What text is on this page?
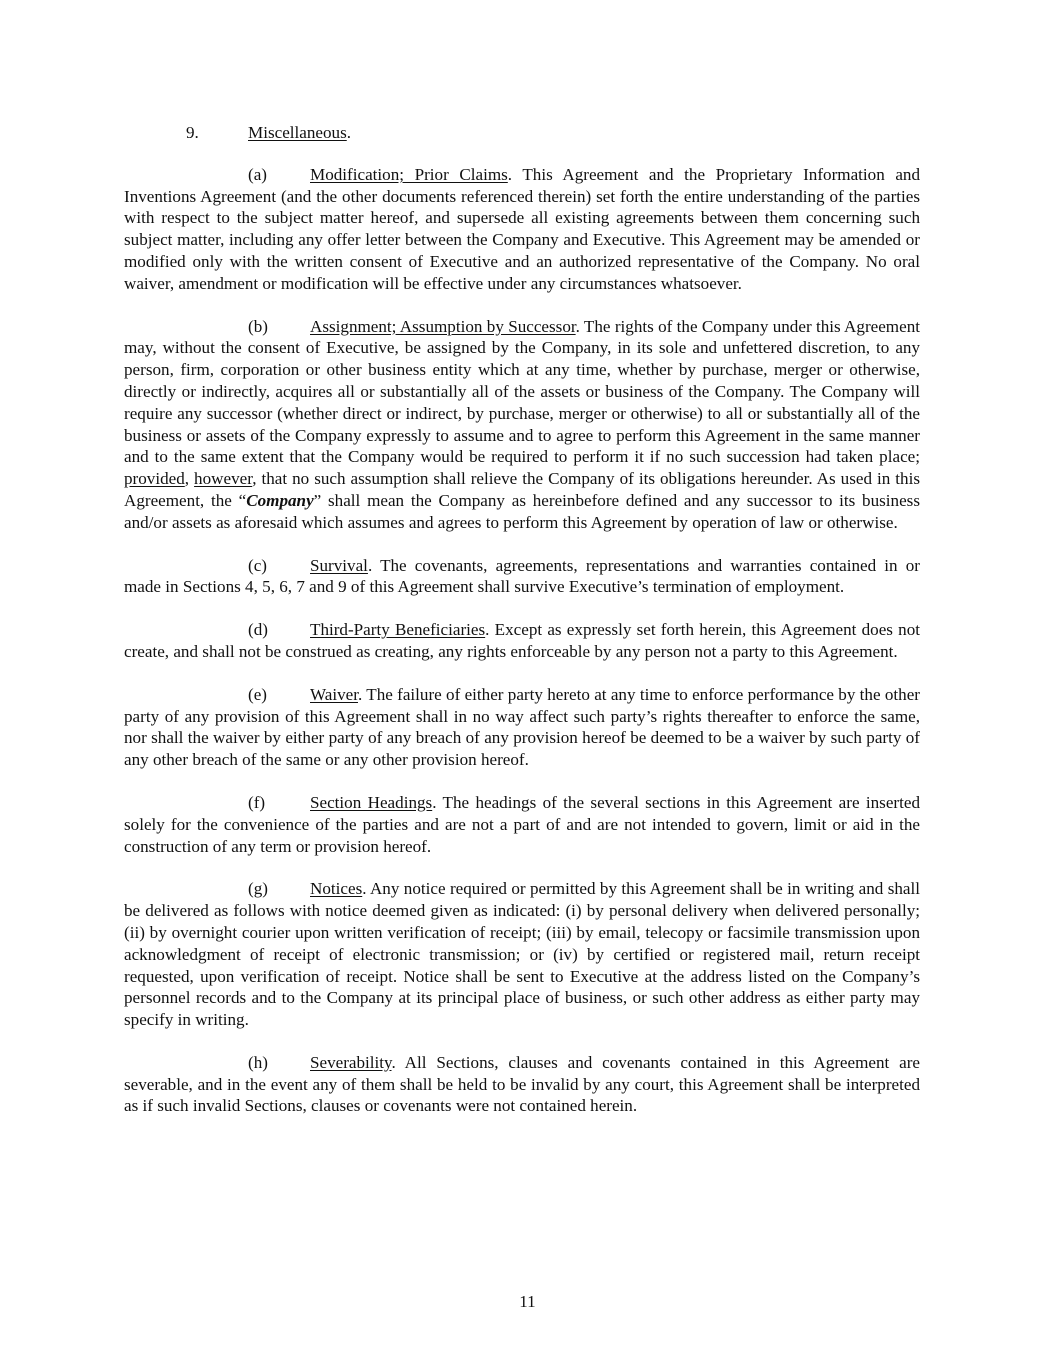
9.	Miscellaneous.

(a)	Modification; Prior Claims. This Agreement and the Proprietary Information and Inventions Agreement (and the other documents referenced therein) set forth the entire understanding of the parties with respect to the subject matter hereof, and supersede all existing agreements between them concerning such subject matter, including any offer letter between the Company and Executive. This Agreement may be amended or modified only with the written consent of Executive and an authorized representative of the Company. No oral waiver, amendment or modification will be effective under any circumstances whatsoever.

(b) Assignment; Assumption by Successor. The rights of the Company under this Agreement may, without the consent of Executive, be assigned by the Company, in its sole and unfettered discretion, to any person, firm, corporation or other business entity which at any time, whether by purchase, merger or otherwise, directly or indirectly, acquires all or substantially all of the assets or business of the Company. The Company will require any successor (whether direct or indirect, by purchase, merger or otherwise) to all or substantially all of the business or assets of the Company expressly to assume and to agree to perform this Agreement in the same manner and to the same extent that the Company would be required to perform it if no such succession had taken place; provided, however, that no such assumption shall relieve the Company of its obligations hereunder. As used in this Agreement, the “Company” shall mean the Company as hereinbefore defined and any successor to its business and/or assets as aforesaid which assumes and agrees to perform this Agreement by operation of law or otherwise.

(c)	Survival. The covenants, agreements, representations and warranties contained in or made in Sections 4, 5, 6, 7 and 9 of this Agreement shall survive Executive’s termination of employment.

(d) Third-Party Beneficiaries. Except as expressly set forth herein, this Agreement does not create, and shall not be construed as creating, any rights enforceable by any person not a party to this Agreement.

(e)	Waiver. The failure of either party hereto at any time to enforce performance by the other party of any provision of this Agreement shall in no way affect such party’s rights thereafter to enforce the same, nor shall the waiver by either party of any breach of any provision hereof be deemed to be a waiver by such party of any other breach of the same or any other provision hereof.

(f)	Section Headings. The headings of the several sections in this Agreement are inserted solely for the convenience of the parties and are not a part of and are not intended to govern, limit or aid in the construction of any term or provision hereof.

(g) Notices. Any notice required or permitted by this Agreement shall be in writing and shall be delivered as follows with notice deemed given as indicated: (i) by personal delivery when delivered personally; (ii) by overnight courier upon written verification of receipt; (iii) by email, telecopy or facsimile transmission upon acknowledgment of receipt of electronic transmission; or (iv) by certified or registered mail, return receipt requested, upon verification of receipt. Notice shall be sent to Executive at the address listed on the Company’s personnel records and to the Company at its principal place of business, or such other address as either party may specify in writing.

(h) Severability. All Sections, clauses and covenants contained in this Agreement are severable, and in the event any of them shall be held to be invalid by any court, this Agreement shall be interpreted as if such invalid Sections, clauses or covenants were not contained herein.

11
